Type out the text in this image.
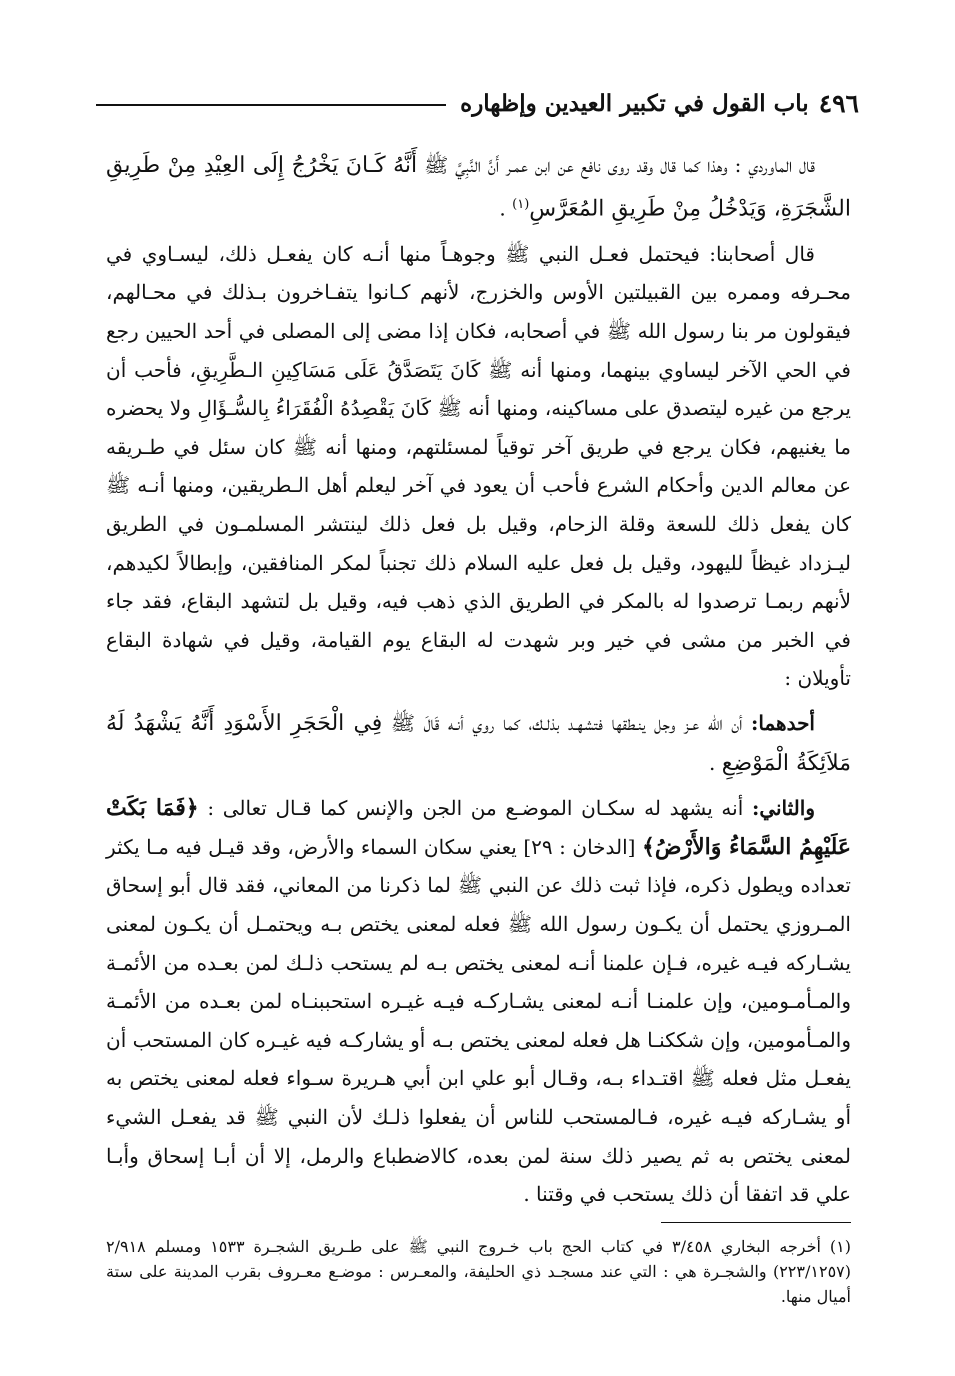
٤٩٦
باب القول في تكبير العيدين وإظهاره

قال الماوردي : وهذا كما قال وقد روى نافع عن ابن عمـر أَنَّ النَّبِيَّ ﷺ أَنَّهُ كَـانَ يَخْرُجُ إِلَى العِيْدِ مِنْ طَرِيقِ الشَّجَرَةِ، وَيَدْخُلُ مِنْ طَرِيقِ المُعَرَّسِ$^{(١)}$ .

قال أصحابنا: فيحتمل فعـل النبي ﷺ وجوهـاً منها أنـه كان يفعـل ذلك، ليسـاوي في محـرفه وممره بين القبيلتين الأوس والخزرج، لأنهم كـانوا يتفـاخرون بـذلك في محـالهم، فيقولون مر بنا رسول الله ﷺ في أصحابه، فكان إذا مضى إلى المصلى في أحد الحيين رجع في الحي الآخر ليساوي بينهما، ومنها أنه ﷺ كَانَ يَتَصَدَّقُ عَلَى مَسَاكِينِ الـطَّرِيقِ، فأحب أن يرجع من غيره ليتصدق على مساكينه، ومنها أنه ﷺ كَانَ يَقْصِدُهُ الْفُقَرَاءُ بِالسُّـؤَالِ ولا يحضره ما يغنيهم، فكان يرجع في طريق آخر توقياً لمسئلتهم، ومنها أنه ﷺ كان سئل في طـريقه عن معالم الدين وأحكام الشرع فأحب أن يعود في آخر ليعلم أهل الـطريقين، ومنها أنـه ﷺ كان يفعل ذلك للسعة وقلة الزحام، وقيل بل فعل ذلك لينتشر المسلمـون في الطريق ليـزداد غيظاً لليهود، وقيل بل فعل عليه السلام ذلك تجنباً لمكر المنافقين، وإبطالاً لكيدهم، لأنهم ربمـا ترصدوا له بالمكر في الطريق الذي ذهب فيه، وقيل بل لتشهد البقاع، فقد جاء في الخبر من مشى في خير وبر شهدت له البقاع يوم القيامة، وقيل في شهادة البقاع تأويلان :

أحدهما: أن الله عـز وجل ينـطقها فتشهـد بذلـك، كما روي أنـه قَالَ ﷺ فِي الْحَجَرِ الأَسْوَدِ أَنَّهُ يَشْهَدُ لَهُ مَلاَئِكَةُ الْمَوْضِعِ .

والثاني: أنه يشهد له سكـان الموضـع من الجن والإنس كما قـال تعالى : ﴿فَمَا بَكَتْ عَلَيْهِمُ السَّمَاءُ وَالأَرْضُ﴾ [الدخان : ٢٩] يعني سكان السماء والأرض، وقد قيـل فيه مـا يكثر تعداده ويطول ذكره، فإذا ثبت ذلك عن النبي ﷺ لما ذكرنا من المعاني، فقد قال أبو إسحاق المـروزي يحتمل أن يكـون رسول الله ﷺ فعله لمعنى يختص بـه ويحتمـل أن يكـون لمعنى يشـاركه فيـه غيره، فـإن علمنا أنـه لمعنى يختص بـه لم يستحب ذلـك لمن بعـده من الأئمـة والمـأمـومين، وإن علمنـا أنـه لمعنى يشـاركـه فيـه غيـره استحببنـاه لمن بعـده من الأئمـة والمـأمومين، وإن شككنـا هل فعله لمعنى يختص بـه أو يشاركـه فيه غيـره كان المستحب أن يفعـل مثل فعله ﷺ اقتـداء بـه، وقـال أبو علي ابن أبي هـريرة سـواء فعله لمعنى يختص به أو يشـاركه فيـه غيره، فـالمستحب للناس أن يفعلوا ذلـك لأن النبي ﷺ قد يفعـل الشيء لمعنى يختص به ثم يصير ذلك سنة لمن بعده، كالاضطباع والرمل، إلا أن أبـا إسحاق وأبـا علي قد اتفقا أن ذلك يستحب في وقتنا .

(١) أخرجه البخاري ٣/٤٥٨ في كتاب الحج باب خـروج النبي ﷺ على طـريق الشجـرة ١٥٣٣ ومسلم ٢/٩١٨ (٢٢٣/١٢٥٧) والشجـرة هي : التي عند مسجـد ذي الحليفة، والمعـرس : موضـع معـروف بقرب المدينة على ستة أميال منها.
